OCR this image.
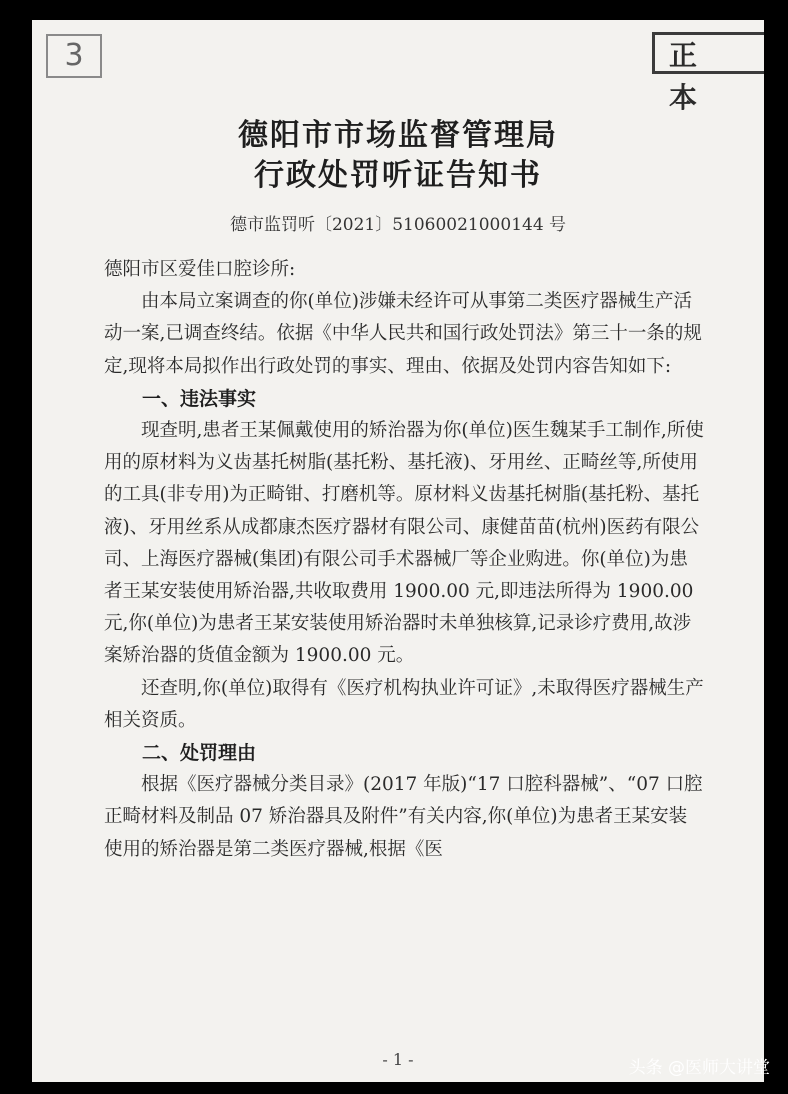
3	正 本
德阳市市场监督管理局
行政处罚听证告知书
德市监罚听〔2021〕51060021000144 号

德阳市区爱佳口腔诊所:

由本局立案调查的你(单位)涉嫌未经许可从事第二类医疗器械生产活动一案,已调查终结。依据《中华人民共和国行政处罚法》第三十一条的规定,现将本局拟作出行政处罚的事实、理由、依据及处罚内容告知如下:

一、违法事实

现查明,患者王某佩戴使用的矫治器为你(单位)医生魏某手工制作,所使用的原材料为义齿基托树脂(基托粉、基托液)、牙用丝、正畸丝等,所使用的工具(非专用)为正畸钳、打磨机等。原材料义齿基托树脂(基托粉、基托液)、牙用丝系从成都康杰医疗器材有限公司、康健苗苗(杭州)医药有限公司、上海医疗器械(集团)有限公司手术器械厂等企业购进。你(单位)为患者王某安装使用矫治器,共收取费用 1900.00 元,即违法所得为 1900.00 元,你(单位)为患者王某安装使用矫治器时未单独核算,记录诊疗费用,故涉案矫治器的货值金额为 1900.00 元。

还查明,你(单位)取得有《医疗机构执业许可证》,未取得医疗器械生产相关资质。

二、处罚理由

根据《医疗器械分类目录》(2017 年版)“17 口腔科器械”、“07 口腔正畸材料及制品 07 矫治器具及附件”有关内容,你(单位)为患者王某安装使用的矫治器是第二类医疗器械,根据《医

- 1 -	头条 @医师大讲堂
